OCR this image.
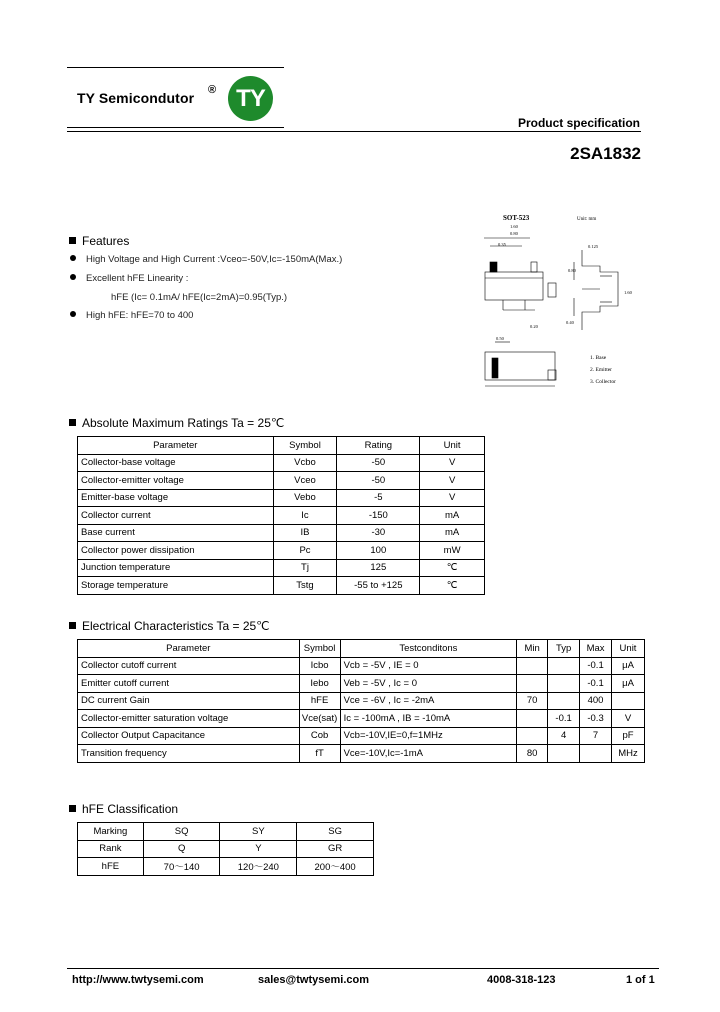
TY Semicondutor ® TY
Product specification
2SA1832
SOT-523	Unit: mm
1.60
0.80
0.35	0.125
0.80
1.60
0.20
0.50
0.40
1. Base
2. Emitter
3. Collector
Features
High Voltage and High Current :Vceo=-50V,Ic=-150mA(Max.)
Excellent hFE Linearity :
hFE (Ic= 0.1mA/ hFE(Ic=2mA)=0.95(Typ.)
High hFE: hFE=70 to 400
Absolute Maximum Ratings Ta = 25℃
Parameter	Symbol	Rating	Unit
Collector-base voltage	Vcbo	-50	V
Collector-emitter voltage	Vceo	-50	V
Emitter-base voltage	Vebo	-5	V
Collector current	Ic	-150	mA
Base current	IB	-30	mA
Collector power dissipation	Pc	100	mW
Junction temperature	Tj	125	℃
Storage temperature	Tstg	-55 to +125	℃
Electrical Characteristics Ta = 25℃
Parameter	Symbol	Testconditons	Min	Typ	Max	Unit
Collector cutoff current	Icbo	Vcb = -5V , IE = 0			-0.1	μA
Emitter cutoff current	Iebo	Veb = -5V , Ic = 0			-0.1	μA
DC current Gain	hFE	Vce = -6V , Ic = -2mA	70		400	
Collector-emitter saturation voltage	Vce(sat)	Ic = -100mA , IB = -10mA		-0.1	-0.3	V
Collector Output Capacitance	Cob	Vcb=-10V,IE=0,f=1MHz		4	7	pF
Transition frequency	fT	Vce=-10V,Ic=-1mA	80			MHz
hFE Classification
Marking	SQ	SY	SG
Rank	Q	Y	GR
hFE	70～140	120～240	200～400
http://www.twtysemi.com	sales@twtysemi.com	4008-318-123	1 of 1
